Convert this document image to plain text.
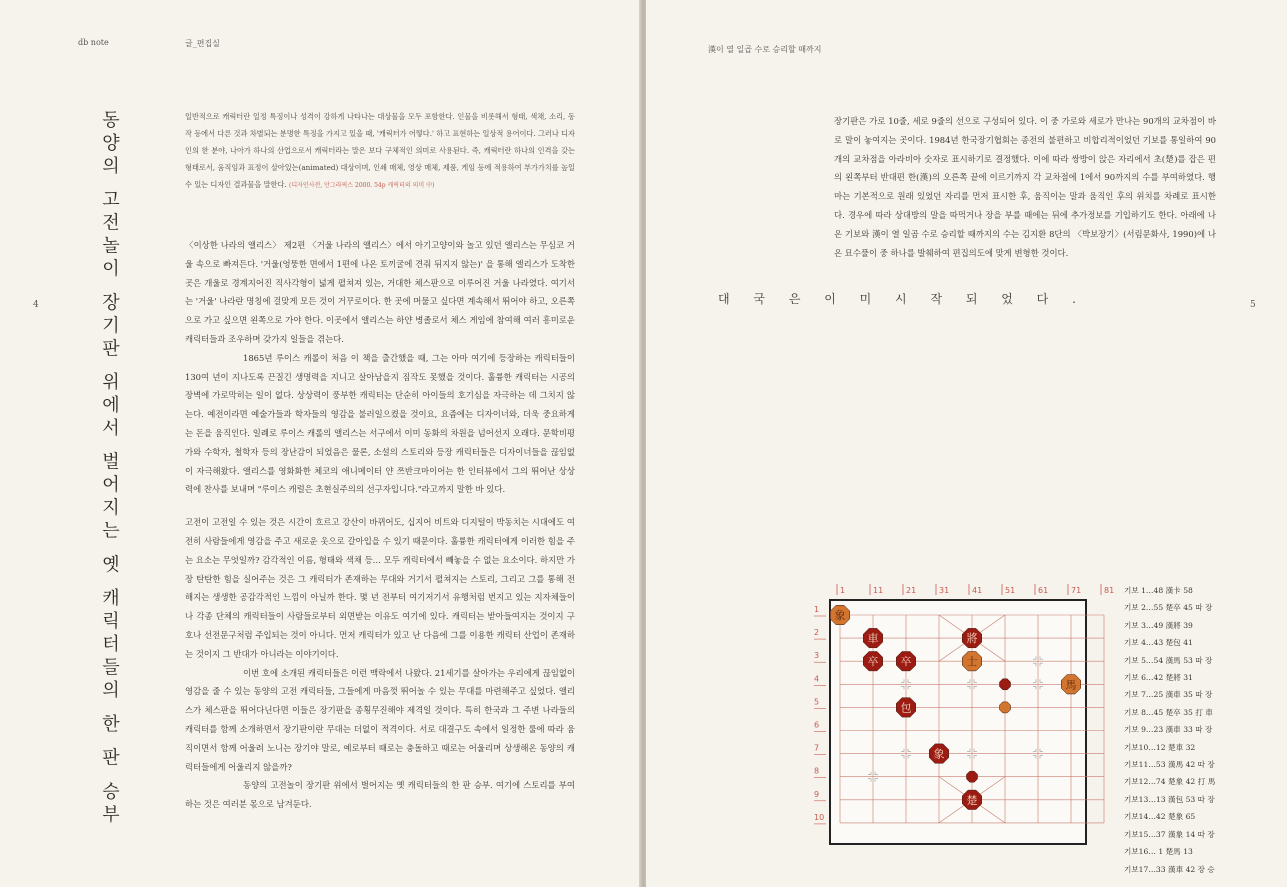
db note	글_편집실
4	동양의 고전놀이 장기판 위에서 벌어지는 옛 캐릭터들의 한 판 승부	일반적으로 캐릭터란 일정 특징이나 성격이 강하게 나타나는 대상물을 모두 포함한다. 인물을 비롯해서 형태, 색채, 소리, 동작 등에서 다른 것과 차별되는 분명한 특징을 가지고 있을 때, '캐릭터가 어떻다.' 하고 표현하는 일상적 용어이다. 그러나 디자인의 한 분야, 나아가 하나의 산업으로서 캐릭터라는 말은 보다 구체적인 의미로 사용된다. 즉, 캐릭터란 하나의 인격을 갖는 형태로서, 움직임과 표정이 살아있는(animated) 대상이며, 인쇄 매체, 영상 매체, 제품, 게임 등에 적용하여 부가가치를 높일 수 있는 디자인 결과물을 말한다. (디자인사전, 안그라픽스 2000. 54p 캐릭터의 의미 中)

〈이상한 나라의 앨리스〉 제2편 〈거울 나라의 앨리스〉에서 아기고양이와 놀고 있던 앨리스는 무심코 거울 속으로 빠져든다. '거울(엉뚱한 면에서 1편에 나온 토끼굴에 견줘 뒤지지 않는)' 을 통해 앨리스가 도착한 곳은 개울로 경계지어진 직사각형이 넓게 펼쳐져 있는, 거대한 체스판으로 이루어진 거울 나라였다. 여기서는 '거울' 나라란 명칭에 걸맞게 모든 것이 거꾸로이다. 한 곳에 머물고 싶다면 계속해서 뛰어야 하고, 오른쪽으로 가고 싶으면 왼쪽으로 가야 한다. 이곳에서 앨리스는 하얀 병졸로서 체스 게임에 참여해 여러 흥미로운 캐릭터들과 조우하며 갖가지 일들을 겪는다.

1865년 루이스 캐롤이 처음 이 책을 출간했을 때, 그는 아마 여기에 등장하는 캐릭터들이 130여 년이 지나도록 끈질긴 생명력을 지니고 살아남을지 짐작도 못했을 것이다. 훌륭한 캐릭터는 시공의 장벽에 가로막히는 일이 없다. 상상력이 풍부한 캐릭터는 단순히 아이들의 호기심을 자극하는 데 그치지 않는다. 예전이라면 예술가들과 학자들의 영감을 불러일으켰을 것이요, 요즘에는 디자이너와, 더욱 중요하게는 돈을 움직인다. 일례로 루이스 캐롤의 앨리스는 서구에서 이미 동화의 차원을 넘어선지 오래다. 문학비평가와 수학자, 철학자 등의 장난감이 되었음은 물론, 소설의 스토리와 등장 캐릭터들은 디자이너들을 끊임없이 자극해왔다. 앨리스를 영화화한 체코의 애니메이터 얀 쯔반크마이어는 한 인터뷰에서 그의 뛰어난 상상력에 찬사를 보내며 "루이스 캐럴은 초현실주의의 선구자입니다."라고까지 말한 바 있다.

고전이 고전일 수 있는 것은 시간이 흐르고 강산이 바뀌어도, 십지어 비트와 디지털이 박동치는 시대에도 여전히 사람들에게 영감을 주고 새로운 옷으로 갈아입을 수 있기 때문이다. 훌륭한 캐릭터에게 이러한 힘을 주는 요소는 무엇일까? 감각적인 이름, 형태와 색채 등… 모두 캐릭터에서 빼놓을 수 없는 요소이다. 하지만 가장 탄탄한 힘을 실어주는 것은 그 캐릭터가 존재하는 무대와 거기서 펼쳐지는 스토리, 그리고 그를 통해 전해지는 생생한 공감각적인 느낌이 아닐까 한다. 몇 년 전부터 여기저기서 유행처럼 번지고 있는 지자체들이나 각종 단체의 캐릭터들이 사람들로부터 외면받는 이유도 여기에 있다. 캐릭터는 받아들여지는 것이지 구호나 선전문구처럼 주입되는 것이 아니다. 먼저 캐릭터가 있고 난 다음에 그를 이용한 캐릭터 산업이 존재하는 것이지 그 반대가 아니라는 이야기이다.

이번 호에 소개된 캐릭터들은 이런 맥락에서 나왔다. 21세기를 살아가는 우리에게 끊임없이 영감을 줄 수 있는 동양의 고전 캐릭터들, 그들에게 마음껏 뛰어놀 수 있는 무대를 마련해주고 싶었다. 앨리스가 체스판을 뛰어다닌다면 이들은 장기판을 종횡무진해야 제격일 것이다. 특히 한국과 그 주변 나라들의 캐릭터를 함께 소개하면서 장기판이란 무대는 더없이 적격이다. 서로 대결구도 속에서 일정한 룰에 따라 움직이면서 함께 어울려 노니는 장기야 말로, 예로부터 때로는 충돌하고 때로는 어울리며 상생해온 동양의 캐릭터들에게 어울리지 않을까?

동양의 고전놀이 장기판 위에서 벌어지는 옛 캐릭터들의 한 판 승부. 여기에 스토리를 부여하는 것은 여러분 몫으로 남겨둔다.

漢이 열 일곱 수로 승리할 때까지
5

장기판은 가로 10줄, 세로 9줄의 선으로 구성되어 있다. 이 중 가로와 세로가 만나는 90개의 교차점이 바로 말이 놓여지는 곳이다. 1984년 한국장기협회는 종전의 불편하고 비합리적이었던 기보를 통일하여 90개의 교차점을 아라비아 숫자로 표시하기로 결정했다. 이에 따라 쌍방이 앉은 자리에서 초(楚)를 잡은 편의 왼쪽부터 반대편 한(漢)의 오른쪽 끝에 이르기까지 각 교차점에 1에서 90까지의 수를 부여하였다. 행마는 기본적으로 원래 있었던 자리를 먼저 표시한 후, 움직이는 말과 움직인 후의 위치를 차례로 표시한다. 경우에 따라 상대방의 말을 따먹거나 장을 부를 때에는 뒤에 추가정보를 기입하기도 한다. 아래에 나온 기보와 漢이 열 일곱 수로 승리할 때까지의 수는 김지환 8단의 〈박보장기〉(서림문화사, 1990)에 나온 묘수풀이 중 하나를 발췌하여 편집의도에 맞게 변형한 것이다.

대 국 은 이 미 시 작 되 었 다 .
1	11	21	31	41	51	61	71	81
1
2
3
4
5
6
7
8
9
10
象
車	將
卒 卒	士
馬
包
象
楚
기보 1…48 漢卡 58
기보 2…55 楚卒 45 따 장
기보 3…49 漢將 39
기보 4…43 楚包 41
기보 5…54 漢馬 53 따 장
기보 6…42 楚將 31
기보 7…25 漢車 35 따 장
기보 8…45 楚卒 35 打 車
기보 9…23 漢車 33 따 장
기보10…12 楚車 32
기보11…53 漢馬 42 따 장
기보12…74 楚象 42 打 馬
기보13…13 漢包 53 따 장
기보14…42 楚象 65
기보15…37 漢象 14 따 장
기보16… 1 楚馬 13
기보17…33 漢車 42 장 승
